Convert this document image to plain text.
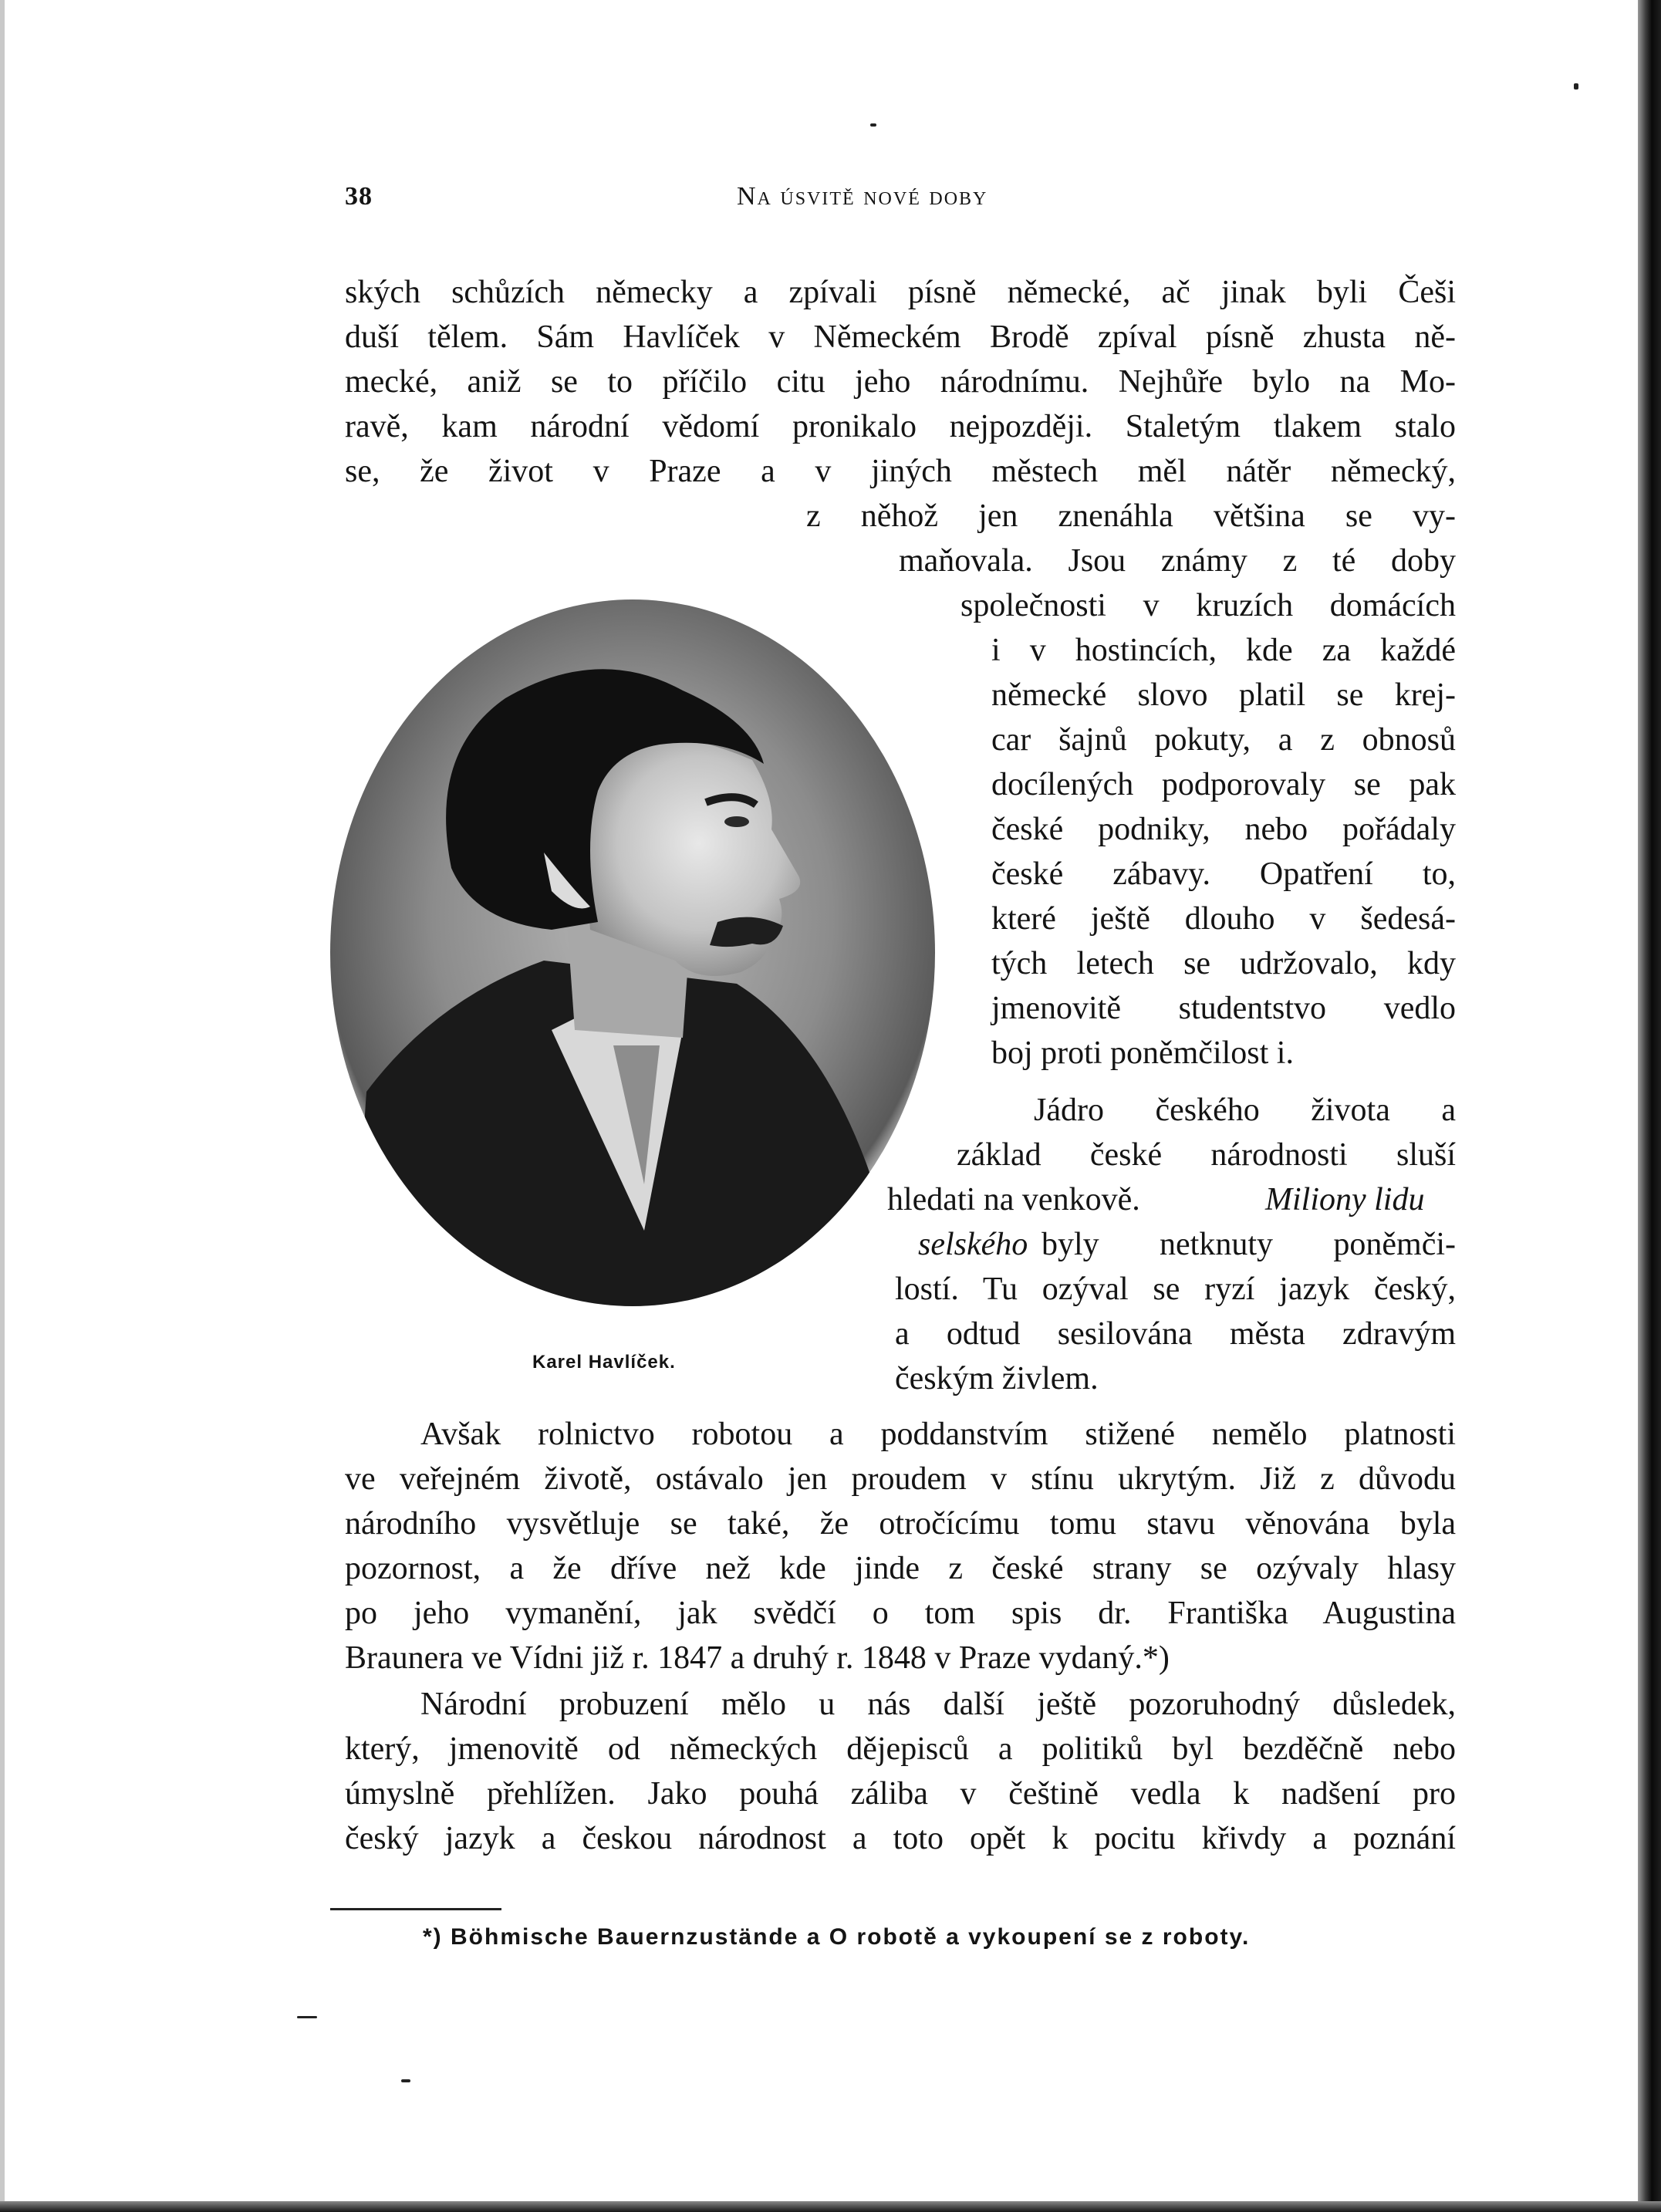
38	Na úsvitě nové doby
ských schůzích německy a zpívali písně německé, ač jinak byli Češi
duší tělem. Sám Havlíček v Německém Brodě zpíval písně zhusta ně-
mecké, aniž se to příčilo citu jeho národnímu. Nejhůře bylo na Mo-
ravě, kam národní vědomí pronikalo nejpozději. Staletým tlakem stalo
se, že život v Praze a v jiných městech měl nátěr německý,
z něhož jen znenáhla většina se vy-
maňovala. Jsou známy z té doby
společnosti v kruzích domácích
i v hostincích, kde za každé
německé slovo platil se krej-
car šajnů pokuty, a z obnosů
docílených podporovaly se pak
české podniky, nebo pořádaly
české zábavy. Opatření to,
které ještě dlouho v šedesá-
tých letech se udržovalo, kdy
jmenovitě studentstvo vedlo
boj proti poněmčilost i.
Jádro českého života a
základ české národnosti sluší
hledati na venkově.	Miliony lidu
selského byly netknuty poněmči-
lostí. Tu ozýval se ryzí jazyk český,
a odtud sesilována města zdravým
českým živlem.
Avšak rolnictvo robotou a poddanstvím stižené nemělo platnosti
ve veřejném životě, ostávalo jen proudem v stínu ukrytým. Již z důvodu
národního vysvětluje se také, že otročícímu tomu stavu věnována byla
pozornost, a že dříve než kde jinde z české strany se ozývaly hlasy
po jeho vymanění, jak svědčí o tom spis dr. Františka Augustina
Braunera ve Vídni již r. 1847 a druhý r. 1848 v Praze vydaný.*)
Národní probuzení mělo u nás další ještě pozoruhodný důsledek,
který, jmenovitě od německých dějepisců a politiků byl bezděčně nebo
úmyslně přehlížen. Jako pouhá záliba v češtině vedla k nadšení pro
český jazyk a českou národnost a toto opět k pocitu křivdy a poznání
Karel Havlíček.
*) Böhmische Bauernzustände a O robotě a vykoupení se z roboty.
